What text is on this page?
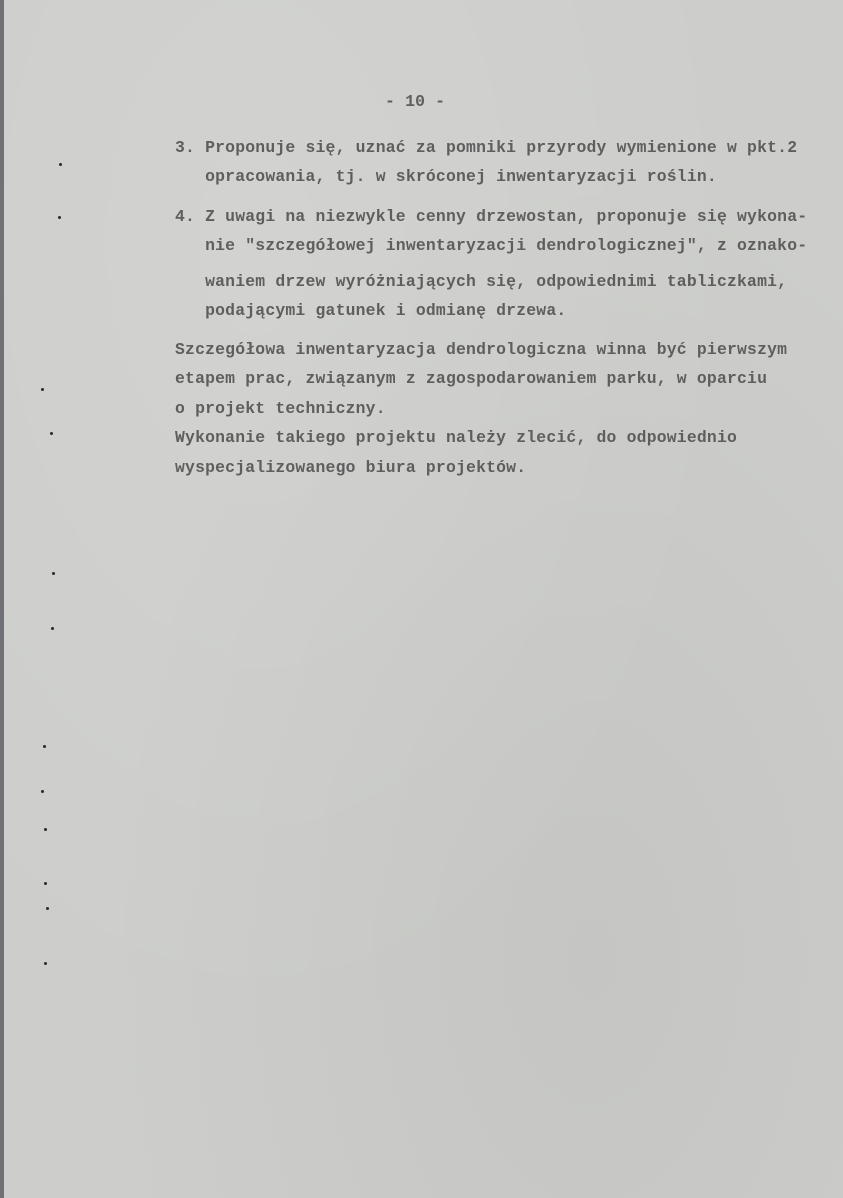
- 10 -
3. Proponuje się, uznać za pomniki przyrody wymienione w pkt.2
opracowania, tj. w skróconej inwentaryzacji roślin.
4. Z uwagi na niezwykle cenny drzewostan, proponuje się wykona-
nie "szczegółowej inwentaryzacji dendrologicznej", z oznako-
waniem drzew wyróżniających się, odpowiednimi tabliczkami,
podającymi gatunek i odmianę drzewa.
Szczegółowa inwentaryzacja dendrologiczna winna być pierwszym
etapem prac, związanym z zagospodarowaniem parku, w oparciu
o projekt techniczny.
Wykonanie takiego projektu należy zlecić, do odpowiednio
wyspecjalizowanego biura projektów.
